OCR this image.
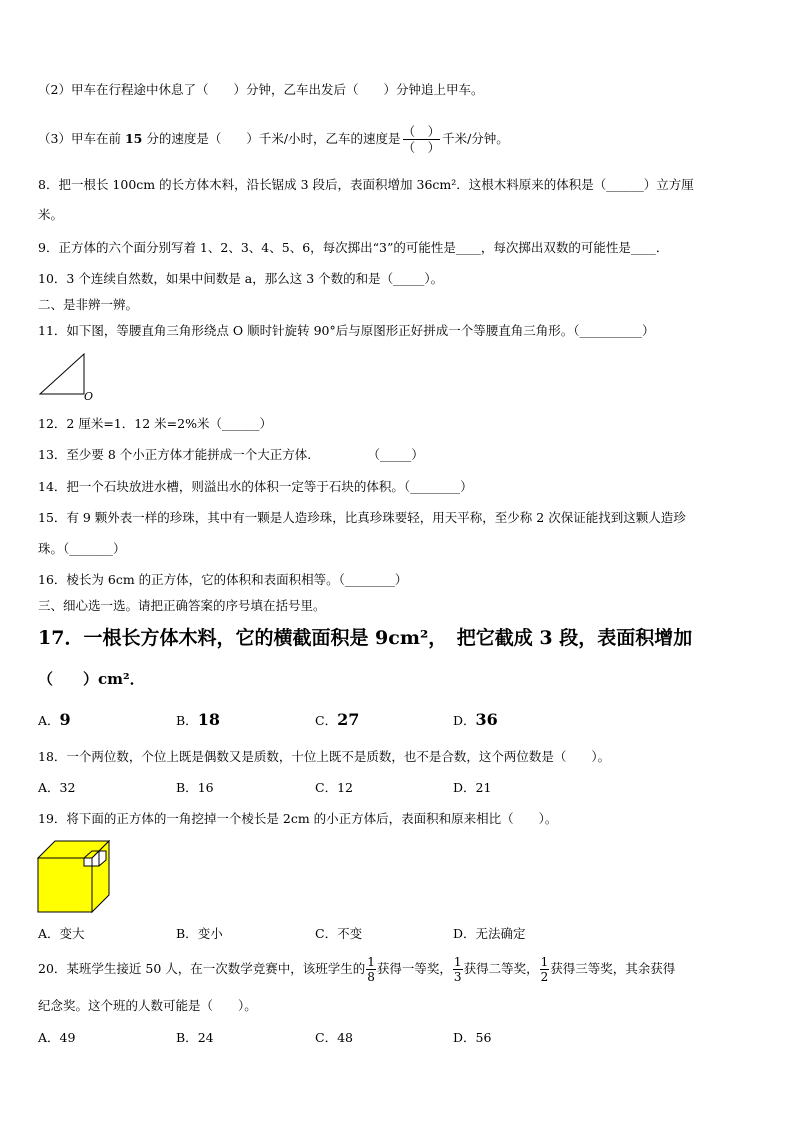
（2）甲车在行程途中休息了（　　）分钟，乙车出发后（　　）分钟追上甲车。
（3）甲车在前 15 分的速度是（　　）千米/小时，乙车的速度是 $\frac{( )}{( )}$ 千米/分钟。
8．把一根长 100cm 的长方体木料，沿长锯成 3 段后，表面积增加 36cm²．这根木料原来的体积是（______）立方厘
米。
9．正方体的六个面分别写着 1、2、3、4、5、6，每次掷出“3”的可能性是____，每次掷出双数的可能性是____．
10．3 个连续自然数，如果中间数是 a，那么这 3 个数的和是（_____）。
二、是非辨一辨。
11．如下图，等腰直角三角形绕点 O 顺时针旋转 90°后与原图形正好拼成一个等腰直角三角形。（__________）
O
12．2 厘米=1．12 米=2%米（______）
13．至少要 8 个小正方体才能拼成一个大正方体.　　　　　（_____）
14．把一个石块放进水槽，则溢出水的体积一定等于石块的体积。（________）
15．有 9 颗外表一样的珍珠，其中有一颗是人造珍珠，比真珍珠要轻，用天平称，至少称 2 次保证能找到这颗人造珍
珠。（_______）
16．棱长为 6cm 的正方体，它的体积和表面积相等。（________）
三、细心选一选。请把正确答案的序号填在括号里。
17．一根长方体木料，它的横截面积是 9cm²，　把它截成 3 段，表面积增加
（　　）cm²．
A．9	B．18	C．27	D．36
18．一个两位数，个位上既是偶数又是质数，十位上既不是质数，也不是合数，这个两位数是（　　）。
A．32	B．16	C．12	D．21
19．将下面的正方体的一角挖掉一个棱长是 2cm 的小正方体后，表面积和原来相比（　　）。
A．变大	B．变小	C．不变	D．无法确定
20．某班学生接近 50 人，在一次数学竞赛中，该班学生的 $\frac{1}{8}$ 获得一等奖， $\frac{1}{3}$ 获得二等奖， $\frac{1}{2}$ 获得三等奖，其余获得
纪念奖。这个班的人数可能是（　　）。
A．49	B．24	C．48	D．56
